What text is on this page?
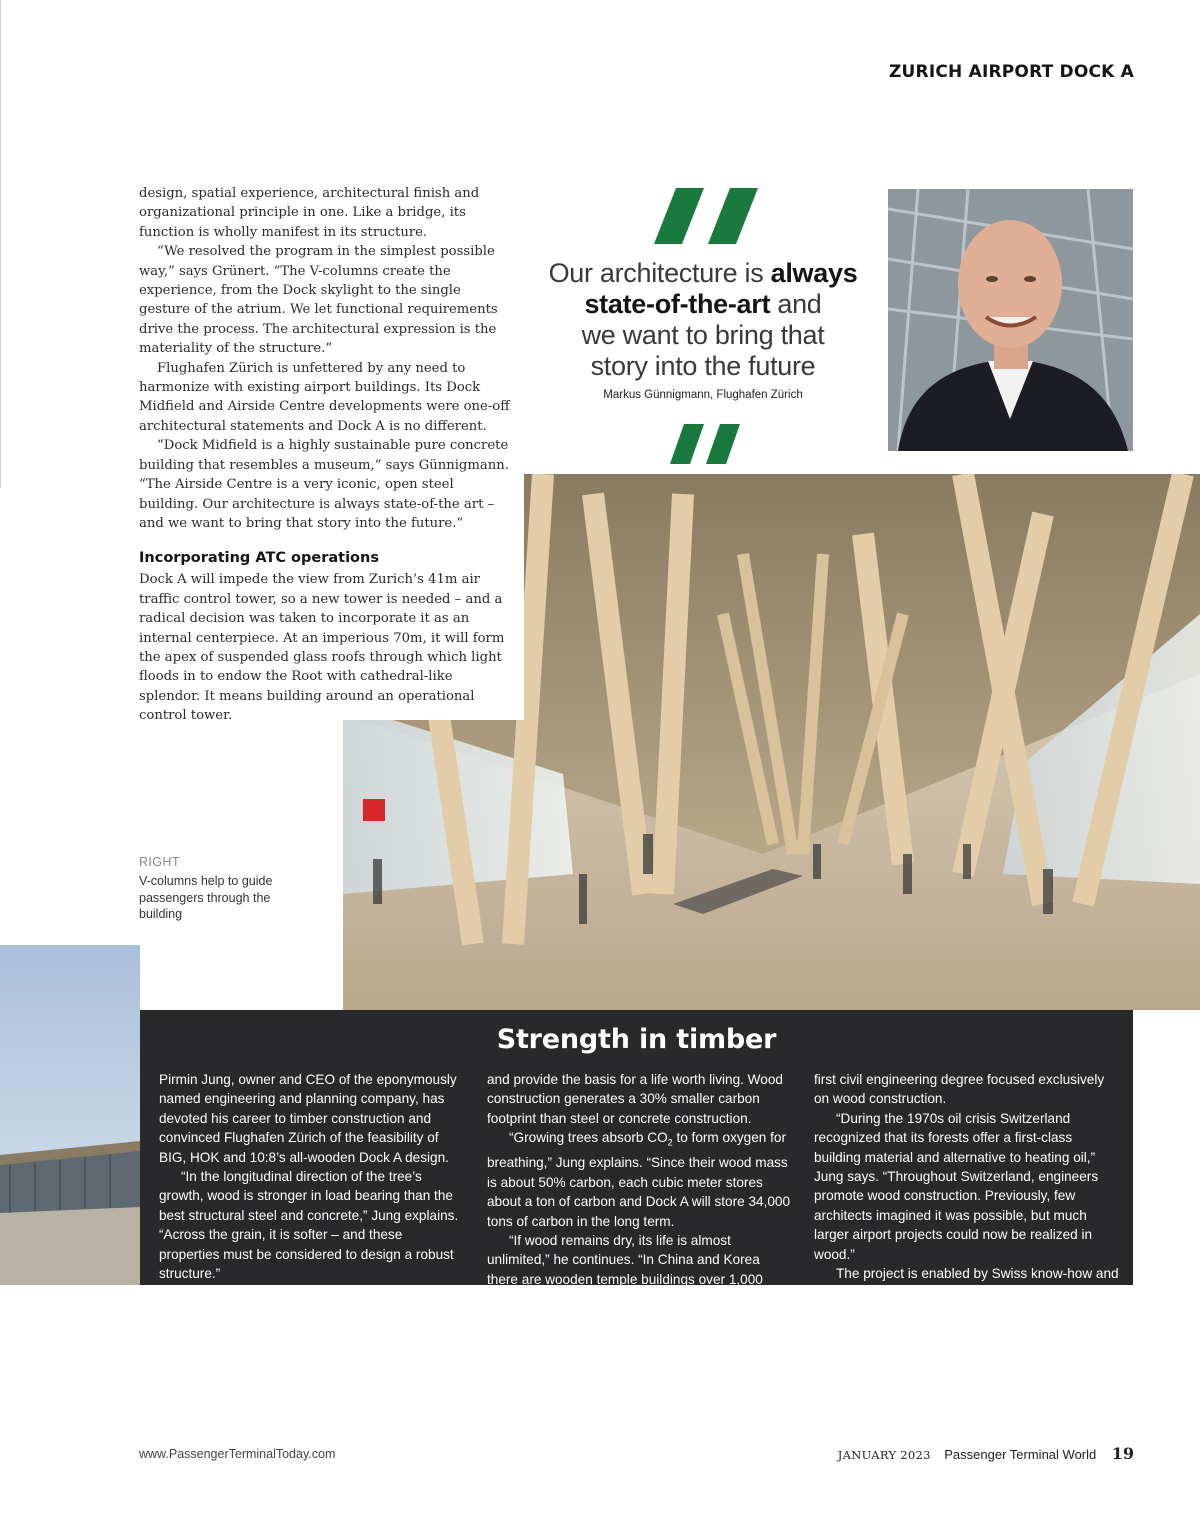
ZURICH AIRPORT DOCK A

design, spatial experience, architectural finish and organizational principle in one. Like a bridge, its function is wholly manifest in its structure.

“We resolved the program in the simplest possible way,” says Grünert. “The V-columns create the experience, from the Dock skylight to the single gesture of the atrium. We let functional requirements drive the process. The architectural expression is the materiality of the structure.”

Flughafen Zürich is unfettered by any need to harmonize with existing airport buildings. Its Dock Midfield and Airside Centre developments were one-off architectural statements and Dock A is no different.

“Dock Midfield is a highly sustainable pure concrete building that resembles a museum,” says Günnigmann. “The Airside Centre is a very iconic, open steel building. Our architecture is always state-of-the art – and we want to bring that story into the future.”

Incorporating ATC operations

Dock A will impede the view from Zurich’s 41m air traffic control tower, so a new tower is needed – and a radical decision was taken to incorporate it as an internal centerpiece. At an imperious 70m, it will form the apex of suspended glass roofs through which light floods in to endow the Root with cathedral-like splendor. It means building around an operational control tower.

Our architecture is always
state-of-the-art and
we want to bring that
story into the future
Markus Günnigmann, Flughafen Zürich
RIGHT
V-columns help to guide passengers through the building
Strength in timber

Pirmin Jung, owner and CEO of the eponymously named engineering and planning company, has devoted his career to timber construction and convinced Flughafen Zürich of the feasibility of BIG, HOK and 10:8’s all-wooden Dock A design.

“In the longitudinal direction of the tree’s growth, wood is stronger in load bearing than the best structural steel and concrete,” Jung explains. “Across the grain, it is softer – and these properties must be considered to design a robust structure.”

Building with wood drives demand and therefore creates a need for large-scale forestry, which promotes healthy, productive forests that produce oxygen, store water, protect against natural hazards

and provide the basis for a life worth living. Wood construction generates a 30% smaller carbon footprint than steel or concrete construction.

“Growing trees absorb $CO_2$ to form oxygen for breathing,” Jung explains. “Since their wood mass is about 50% carbon, each cubic meter stores about a ton of carbon and Dock A will store 34,000 tons of carbon in the long term.

“If wood remains dry, its life is almost unlimited,” he continues. “In China and Korea there are wooden temple buildings over 1,000 years old.”

In 1986 Switzerland founded a technical college for timber engineers in Biel (where Jung studied) and introduced the world’s

first civil engineering degree focused exclusively on wood construction.

“During the 1970s oil crisis Switzerland recognized that its forests offer a first-class building material and alternative to heating oil,” Jung says. “Throughout Switzerland, engineers promote wood construction. Previously, few architects imagined it was possible, but much larger airport projects could now be realized in wood.”

The project is enabled by Swiss know-how and engineering. The requisite construction timber equates to 5% of annual national output, but it will be locally sourced over several years from still-expanding forests to minimize transportation emissions.

www.PassengerTerminalToday.com	JANUARY 2023 Passenger Terminal World 19
